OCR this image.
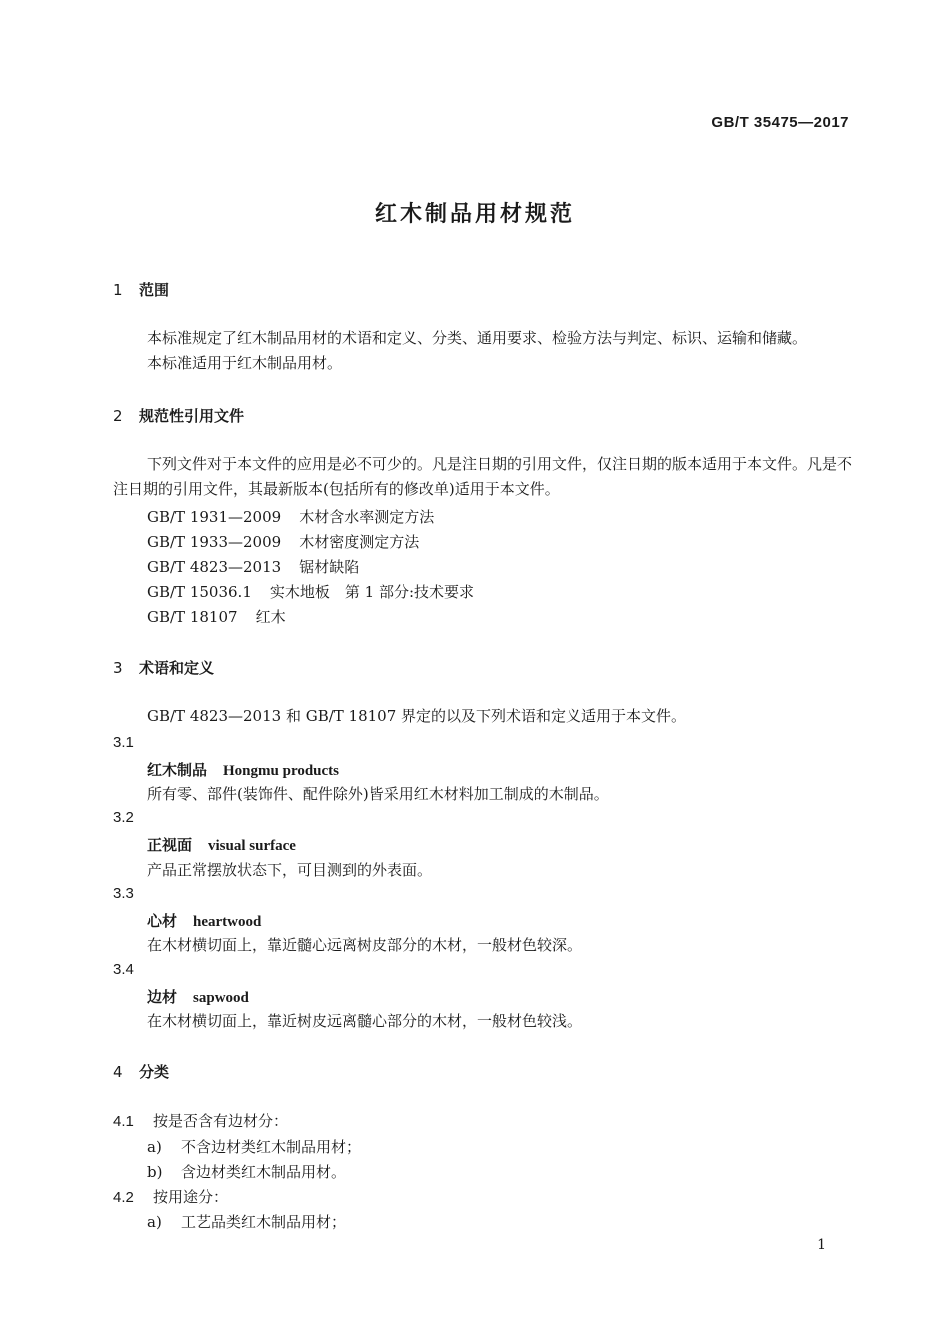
GB/T 35475—2017
红木制品用材规范
1 范围
本标准规定了红木制品用材的术语和定义、分类、通用要求、检验方法与判定、标识、运输和储藏。
本标准适用于红木制品用材。
2 规范性引用文件
下列文件对于本文件的应用是必不可少的。凡是注日期的引用文件，仅注日期的版本适用于本文件。凡是不注日期的引用文件，其最新版本(包括所有的修改单)适用于本文件。
GB/T 1931—2009 木材含水率测定方法
GB/T 1933—2009 木材密度测定方法
GB/T 4823—2013 锯材缺陷
GB/T 15036.1 实木地板　第 1 部分:技术要求
GB/T 18107 红木
3 术语和定义
GB/T 4823—2013 和 GB/T 18107 界定的以及下列术语和定义适用于本文件。
3.1
红木制品 Hongmu products
所有零、部件(装饰件、配件除外)皆采用红木材料加工制成的木制品。
3.2
正视面 visual surface
产品正常摆放状态下，可目测到的外表面。
3.3
心材 heartwood
在木材横切面上，靠近髓心远离树皮部分的木材，一般材色较深。
3.4
边材 sapwood
在木材横切面上，靠近树皮远离髓心部分的木材，一般材色较浅。
4 分类
4.1 按是否含有边材分：
a) 不含边材类红木制品用材；
b) 含边材类红木制品用材。
4.2 按用途分：
a) 工艺品类红木制品用材；
1
